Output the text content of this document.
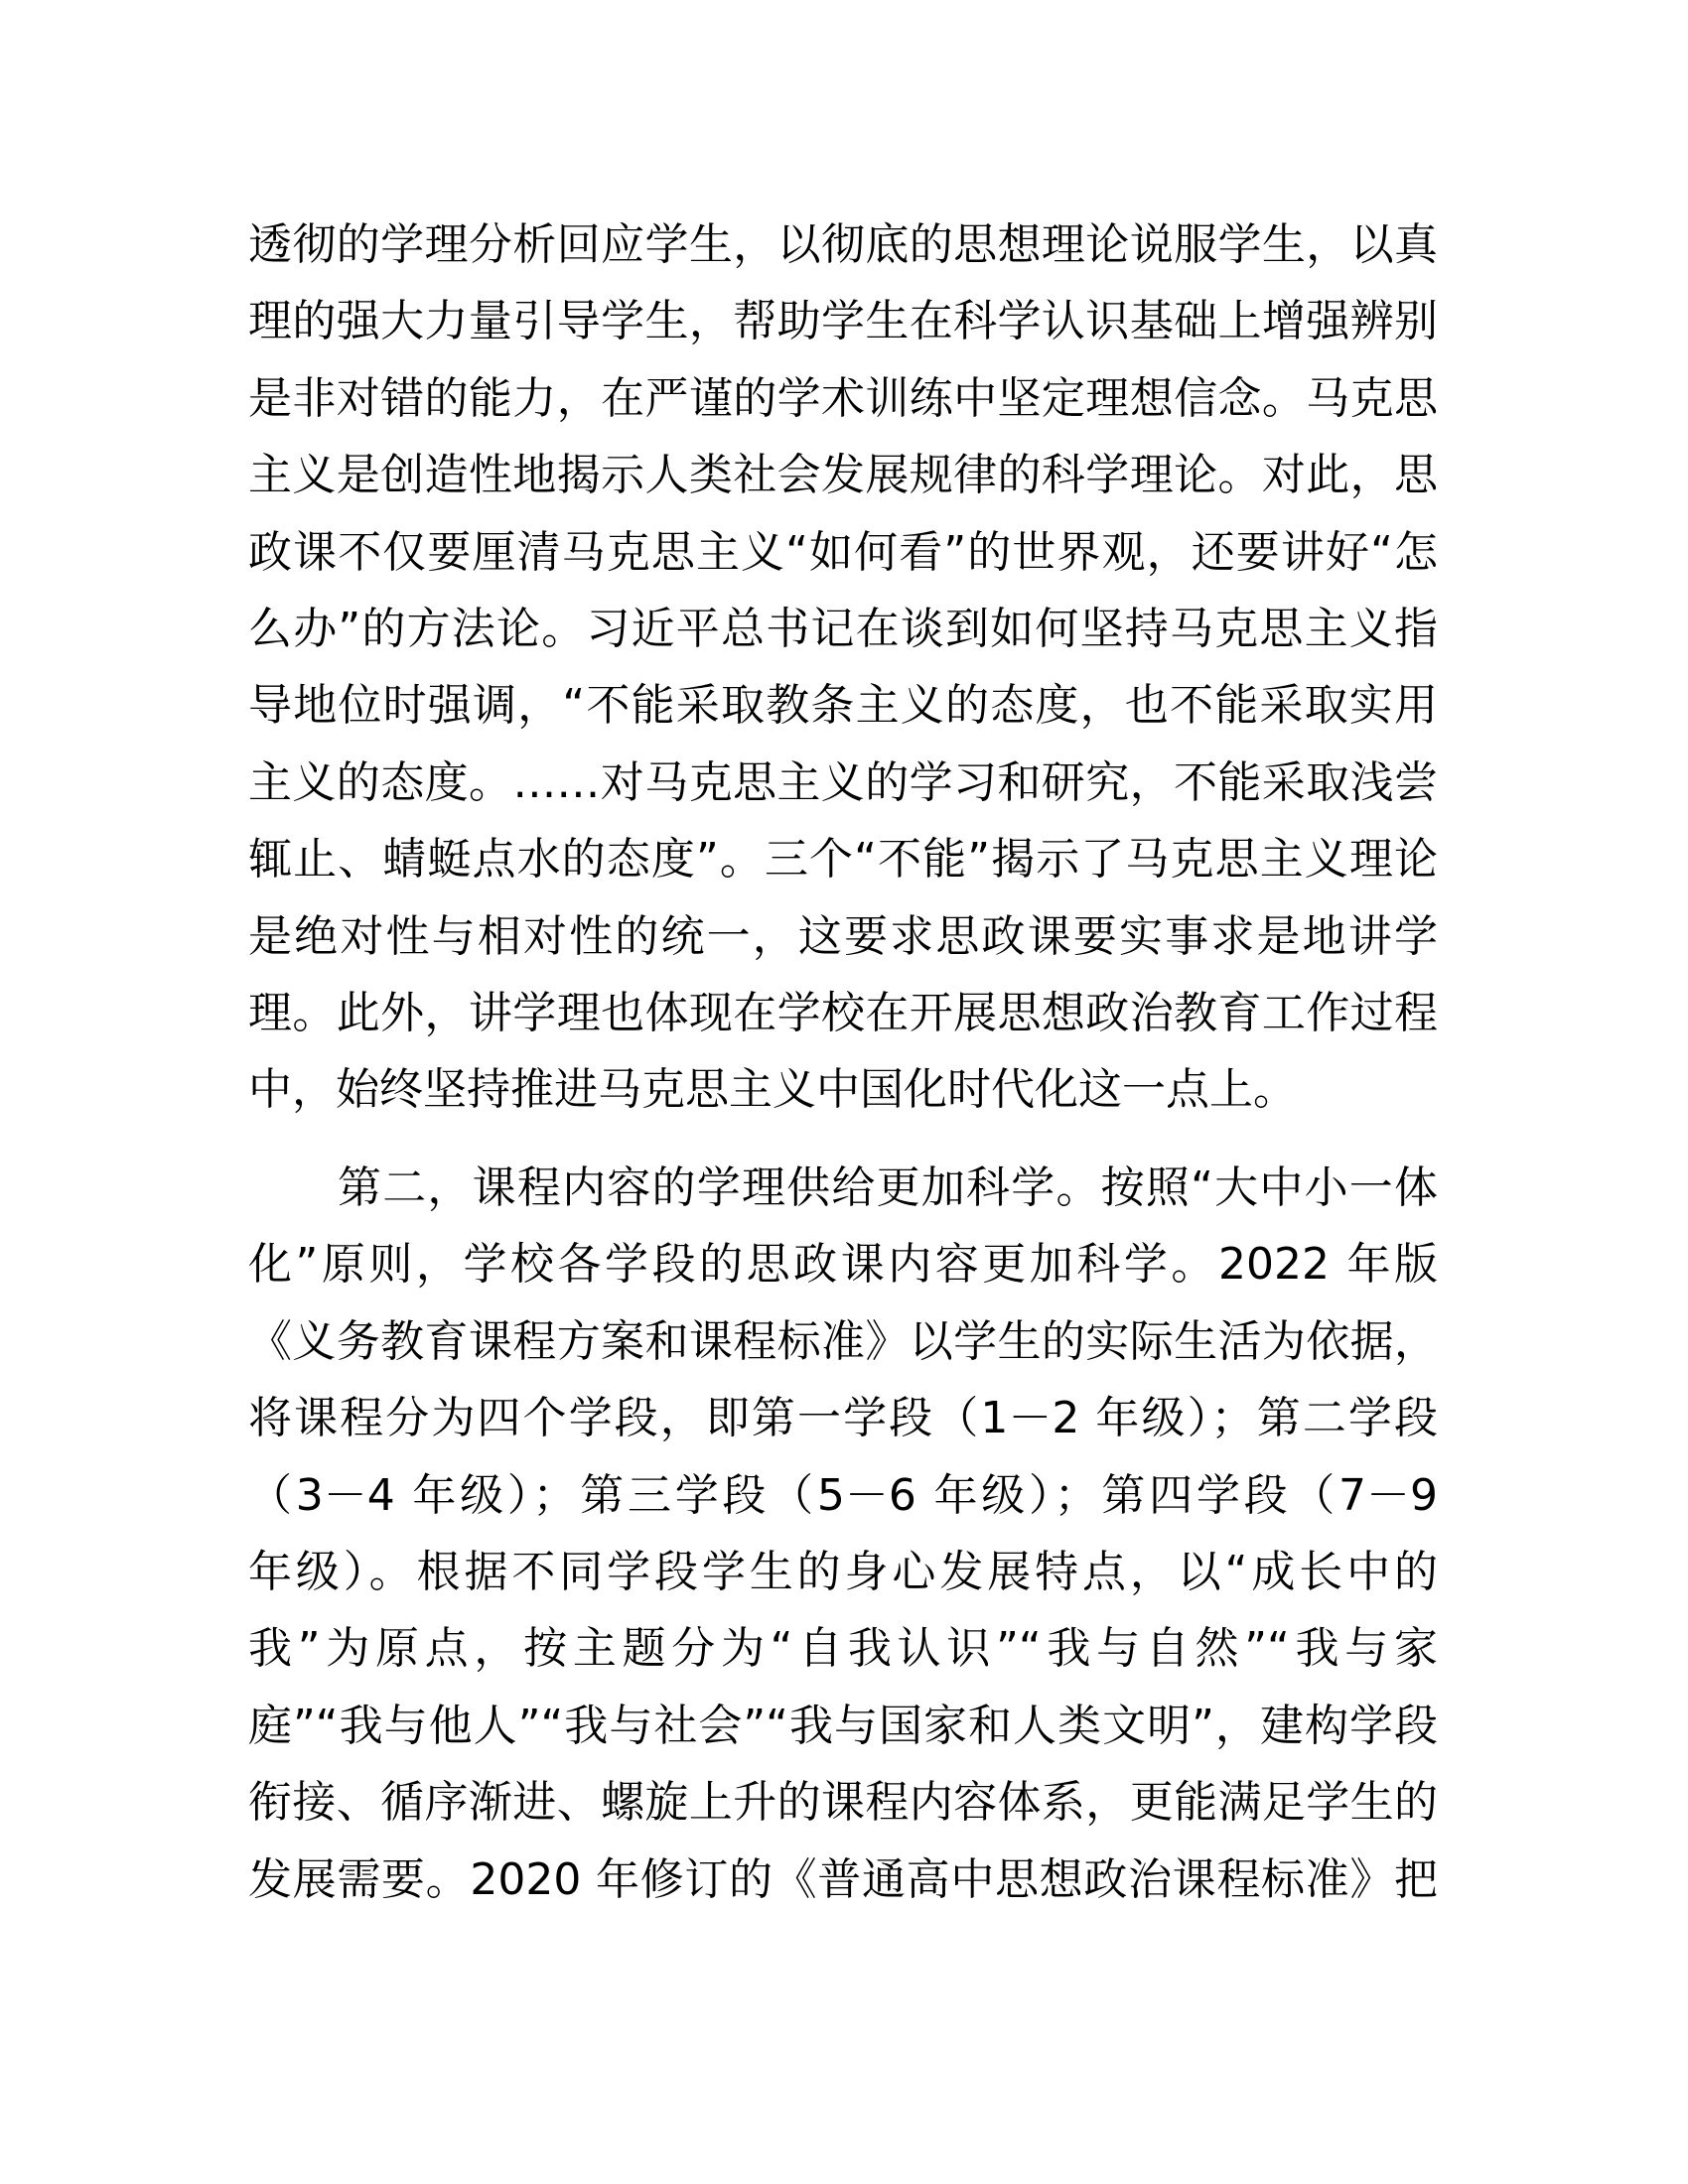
透彻的学理分析回应学生，以彻底的思想理论说服学生，以真
理的强大力量引导学生，帮助学生在科学认识基础上增强辨别
是非对错的能力，在严谨的学术训练中坚定理想信念。马克思
主义是创造性地揭示人类社会发展规律的科学理论。对此，思
政课不仅要厘清马克思主义“如何看”的世界观，还要讲好“怎
么办”的方法论。习近平总书记在谈到如何坚持马克思主义指
导地位时强调，“不能采取教条主义的态度，也不能采取实用
主义的态度。……对马克思主义的学习和研究，不能采取浅尝
辄止、蜻蜓点水的态度”。三个“不能”揭示了马克思主义理论
是绝对性与相对性的统一，这要求思政课要实事求是地讲学
理。此外，讲学理也体现在学校在开展思想政治教育工作过程
中，始终坚持推进马克思主义中国化时代化这一点上。
第二，课程内容的学理供给更加科学。按照“大中小一体
化”原则，学校各学段的思政课内容更加科学。2022 年版
《义务教育课程方案和课程标准》以学生的实际生活为依据，
将课程分为四个学段，即第一学段（1－2 年级）；第二学段
（3－4 年级）；第三学段（5－6 年级）；第四学段（7－9
年级）。根据不同学段学生的身心发展特点，以“成长中的
我”为原点，按主题分为“自我认识”“我与自然”“我与家
庭”“我与他人”“我与社会”“我与国家和人类文明”，建构学段
衔接、循序渐进、螺旋上升的课程内容体系，更能满足学生的
发展需要。2020 年修订的《普通高中思想政治课程标准》把
